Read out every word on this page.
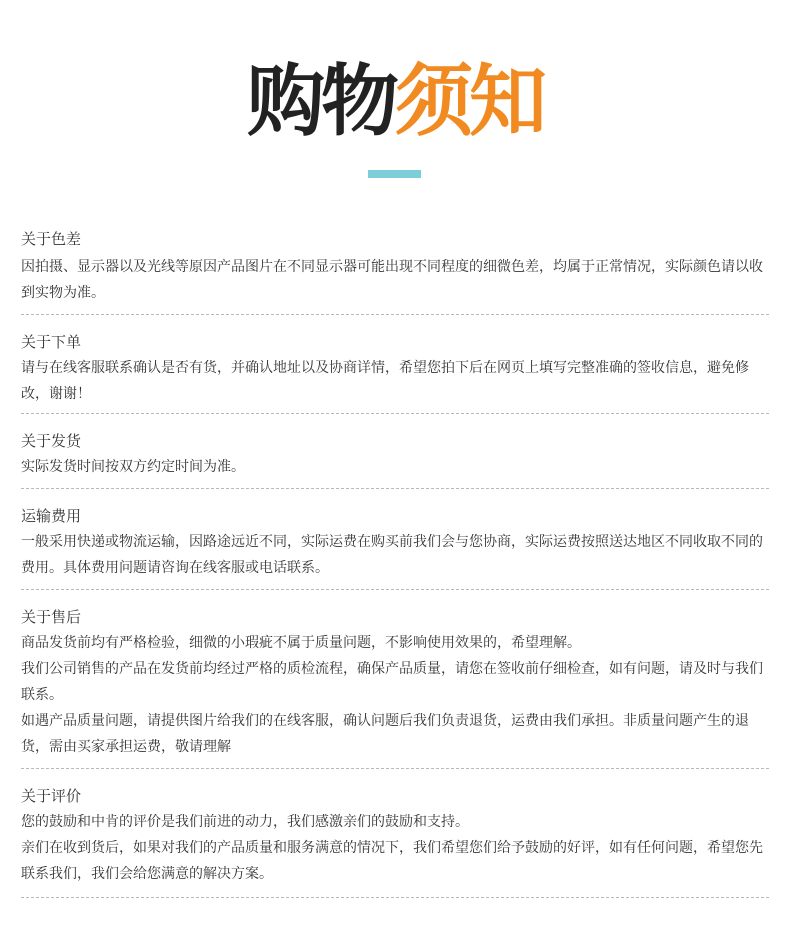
购物须知
关于色差

因拍摄、显示器以及光线等原因产品图片在不同显示器可能出现不同程度的细微色差，均属于正常情况，实际颜色请以收到实物为准。

关于下单

请与在线客服联系确认是否有货，并确认地址以及协商详情，希望您拍下后在网页上填写完整准确的签收信息，避免修改，谢谢！

关于发货

实际发货时间按双方约定时间为准。

运输费用

一般采用快递或物流运输，因路途远近不同，实际运费在购买前我们会与您协商，实际运费按照送达地区不同收取不同的费用。具体费用问题请咨询在线客服或电话联系。

关于售后

商品发货前均有严格检验，细微的小瑕疵不属于质量问题，不影响使用效果的，希望理解。

我们公司销售的产品在发货前均经过严格的质检流程，确保产品质量，请您在签收前仔细检查，如有问题，请及时与我们联系。

如遇产品质量问题，请提供图片给我们的在线客服，确认问题后我们负责退货，运费由我们承担。非质量问题产生的退货，需由买家承担运费，敬请理解

关于评价

您的鼓励和中肯的评价是我们前进的动力，我们感激亲们的鼓励和支持。

亲们在收到货后，如果对我们的产品质量和服务满意的情况下，我们希望您们给予鼓励的好评，如有任何问题，希望您先联系我们，我们会给您满意的解决方案。
